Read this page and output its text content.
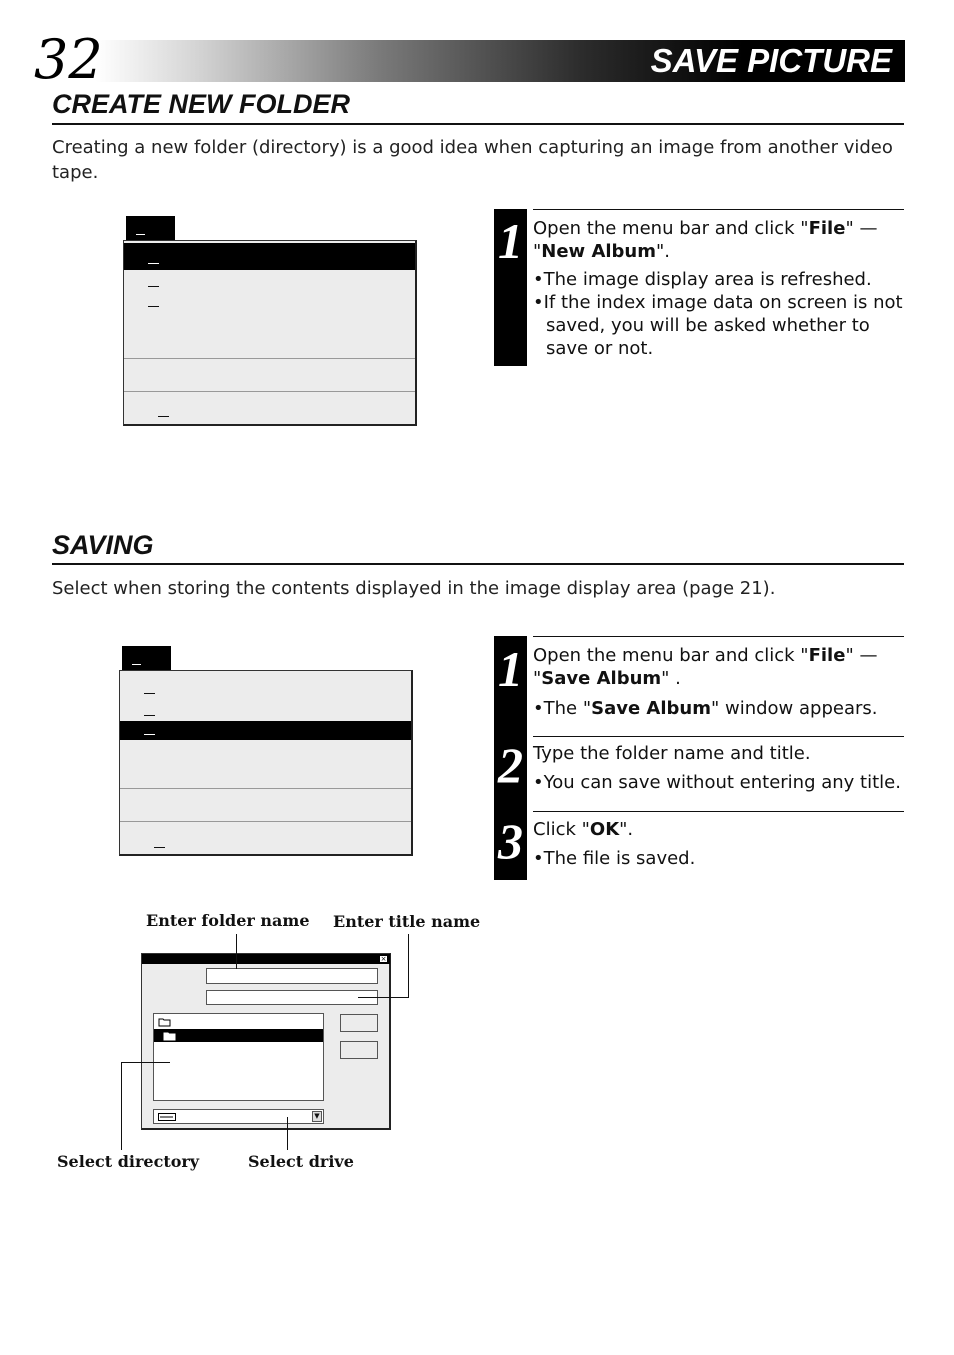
32	SAVE PICTURE
CREATE NEW FOLDER
Creating a new folder (directory) is a good idea when capturing an image from another video tape.
1 Open the menu bar and click "File" —
"New Album".
•The image display area is refreshed.
•If the index image data on screen is not saved, you will be asked whether to save or not.
SAVING
Select when storing the contents displayed in the image display area (page 21).
1
2
3
Open the menu bar and click "File" —
"Save Album" .
•The "Save Album" window appears.
Type the folder name and title.
•You can save without entering any title.
Click "OK".
•The file is saved.
Enter folder name Enter title name
×
▼
Select directory	Select drive
